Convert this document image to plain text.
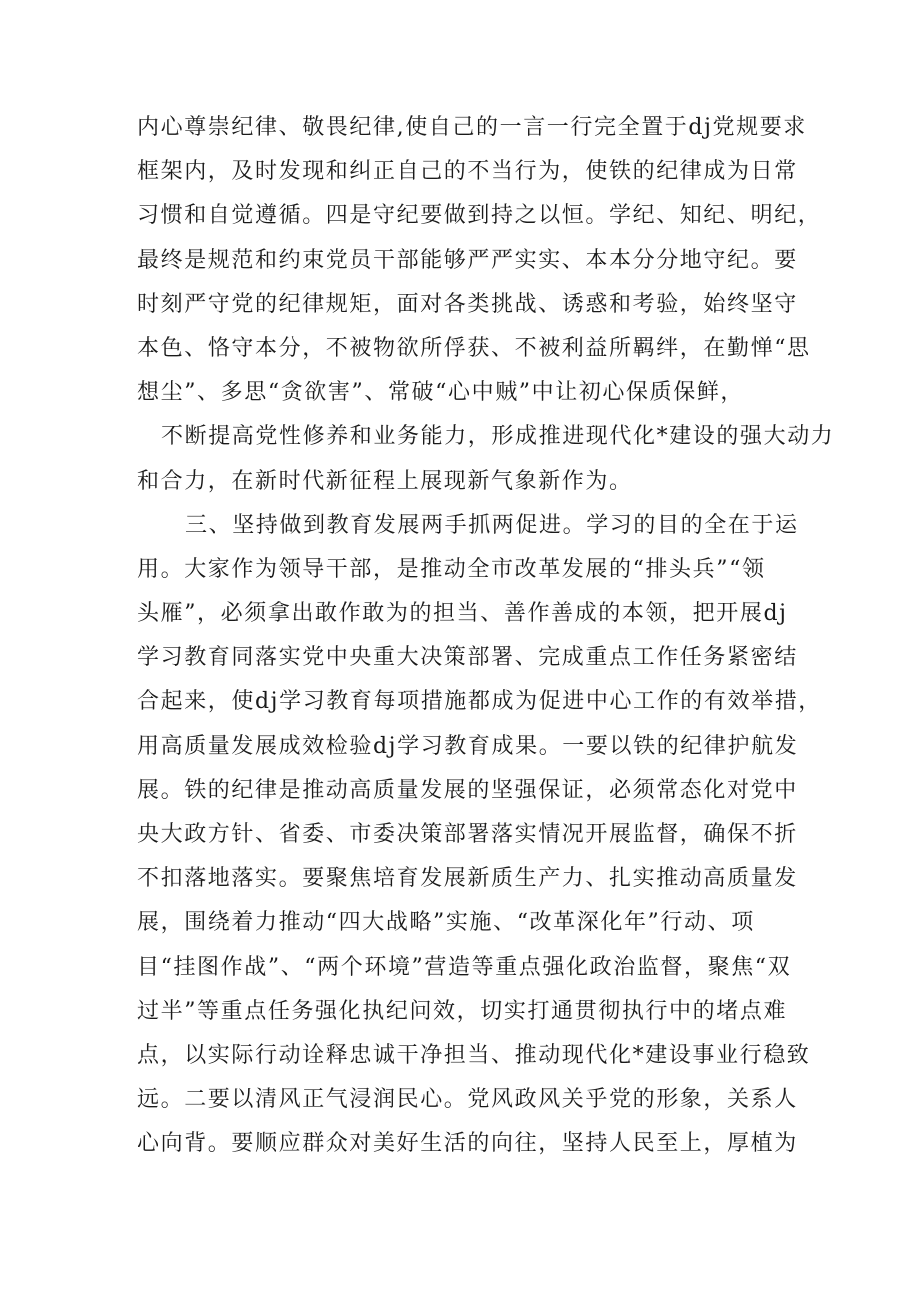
内心尊崇纪律、敬畏纪律,使自己的一言一行完全置于dj党规要求
框架内，及时发现和纠正自己的不当行为，使铁的纪律成为日常
习惯和自觉遵循。四是守纪要做到持之以恒。学纪、知纪、明纪，
最终是规范和约束党员干部能够严严实实、本本分分地守纪。要
时刻严守党的纪律规矩，面对各类挑战、诱惑和考验，始终坚守
本色、恪守本分，不被物欲所俘获、不被利益所羁绊，在勤惮“思
想尘”、多思“贪欲害”、常破“心中贼”中让初心保质保鲜，
不断提高党性修养和业务能力，形成推进现代化*建设的强大动力
和合力，在新时代新征程上展现新气象新作为。
三、坚持做到教育发展两手抓两促进。学习的目的全在于运
用。大家作为领导干部，是推动全市改革发展的“排头兵”“领
头雁”，必须拿出敢作敢为的担当、善作善成的本领，把开展dj
学习教育同落实党中央重大决策部署、完成重点工作任务紧密结
合起来，使dj学习教育每项措施都成为促进中心工作的有效举措，
用高质量发展成效检验dj学习教育成果。一要以铁的纪律护航发
展。铁的纪律是推动高质量发展的坚强保证，必须常态化对党中
央大政方针、省委、市委决策部署落实情况开展监督，确保不折
不扣落地落实。要聚焦培育发展新质生产力、扎实推动高质量发
展，围绕着力推动“四大战略”实施、“改革深化年”行动、项
目“挂图作战”、“两个环境”营造等重点强化政治监督，聚焦“双
过半”等重点任务强化执纪问效，切实打通贯彻执行中的堵点难
点，以实际行动诠释忠诚干净担当、推动现代化*建设事业行稳致
远。二要以清风正气浸润民心。党风政风关乎党的形象，关系人
心向背。要顺应群众对美好生活的向往，坚持人民至上，厚植为
